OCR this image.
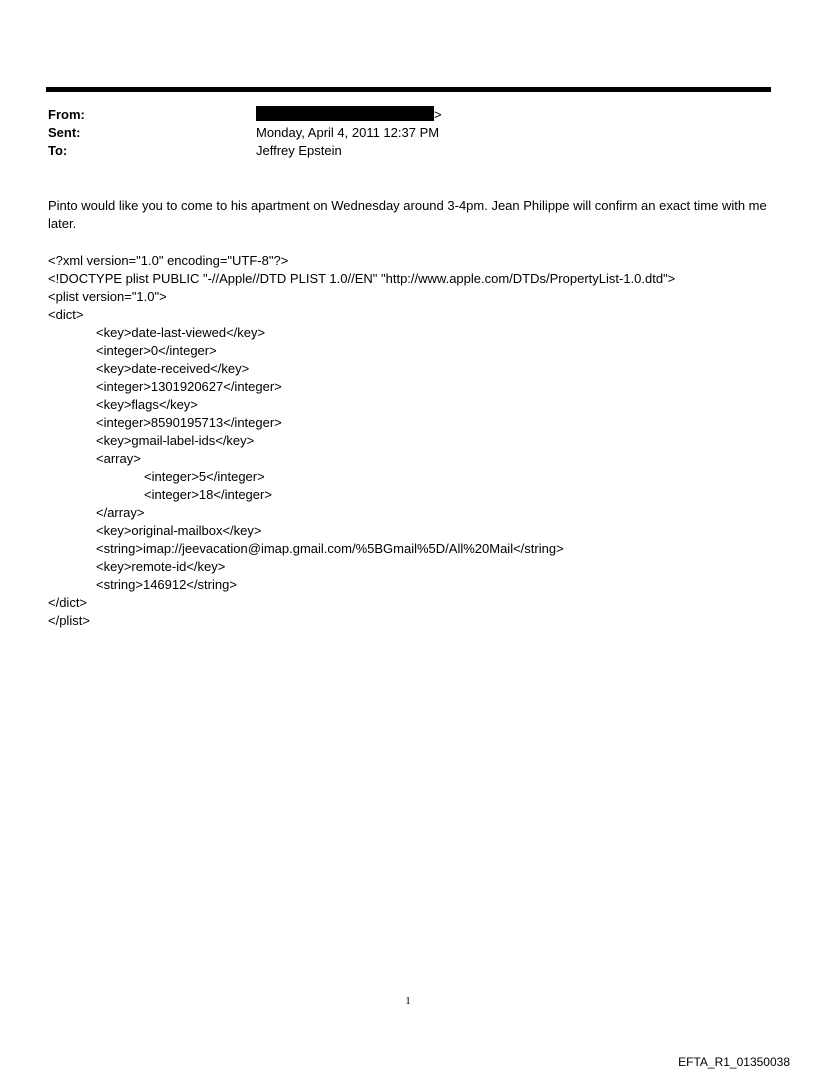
From:	>
Sent:	Monday, April 4, 2011 12:37 PM
To:	Jeffrey Epstein

Pinto would like you to come to his apartment on Wednesday around 3-4pm. Jean Philippe will confirm an exact time with me later.

<?xml version="1.0" encoding="UTF-8"?>
<!DOCTYPE plist PUBLIC "-//Apple//DTD PLIST 1.0//EN" "http://www.apple.com/DTDs/PropertyList-1.0.dtd">
<plist version="1.0">
<dict>
<key>date-last-viewed</key>
<integer>0</integer>
<key>date-received</key>
<integer>1301920627</integer>
<key>flags</key>
<integer>8590195713</integer>
<key>gmail-label-ids</key>
<array>
<integer>5</integer>
<integer>18</integer>
</array>
<key>original-mailbox</key>
<string>imap://jeevacation@imap.gmail.com/%5BGmail%5D/All%20Mail</string>
<key>remote-id</key>
<string>146912</string>
</dict>
</plist>
1
EFTA_R1_01350038
